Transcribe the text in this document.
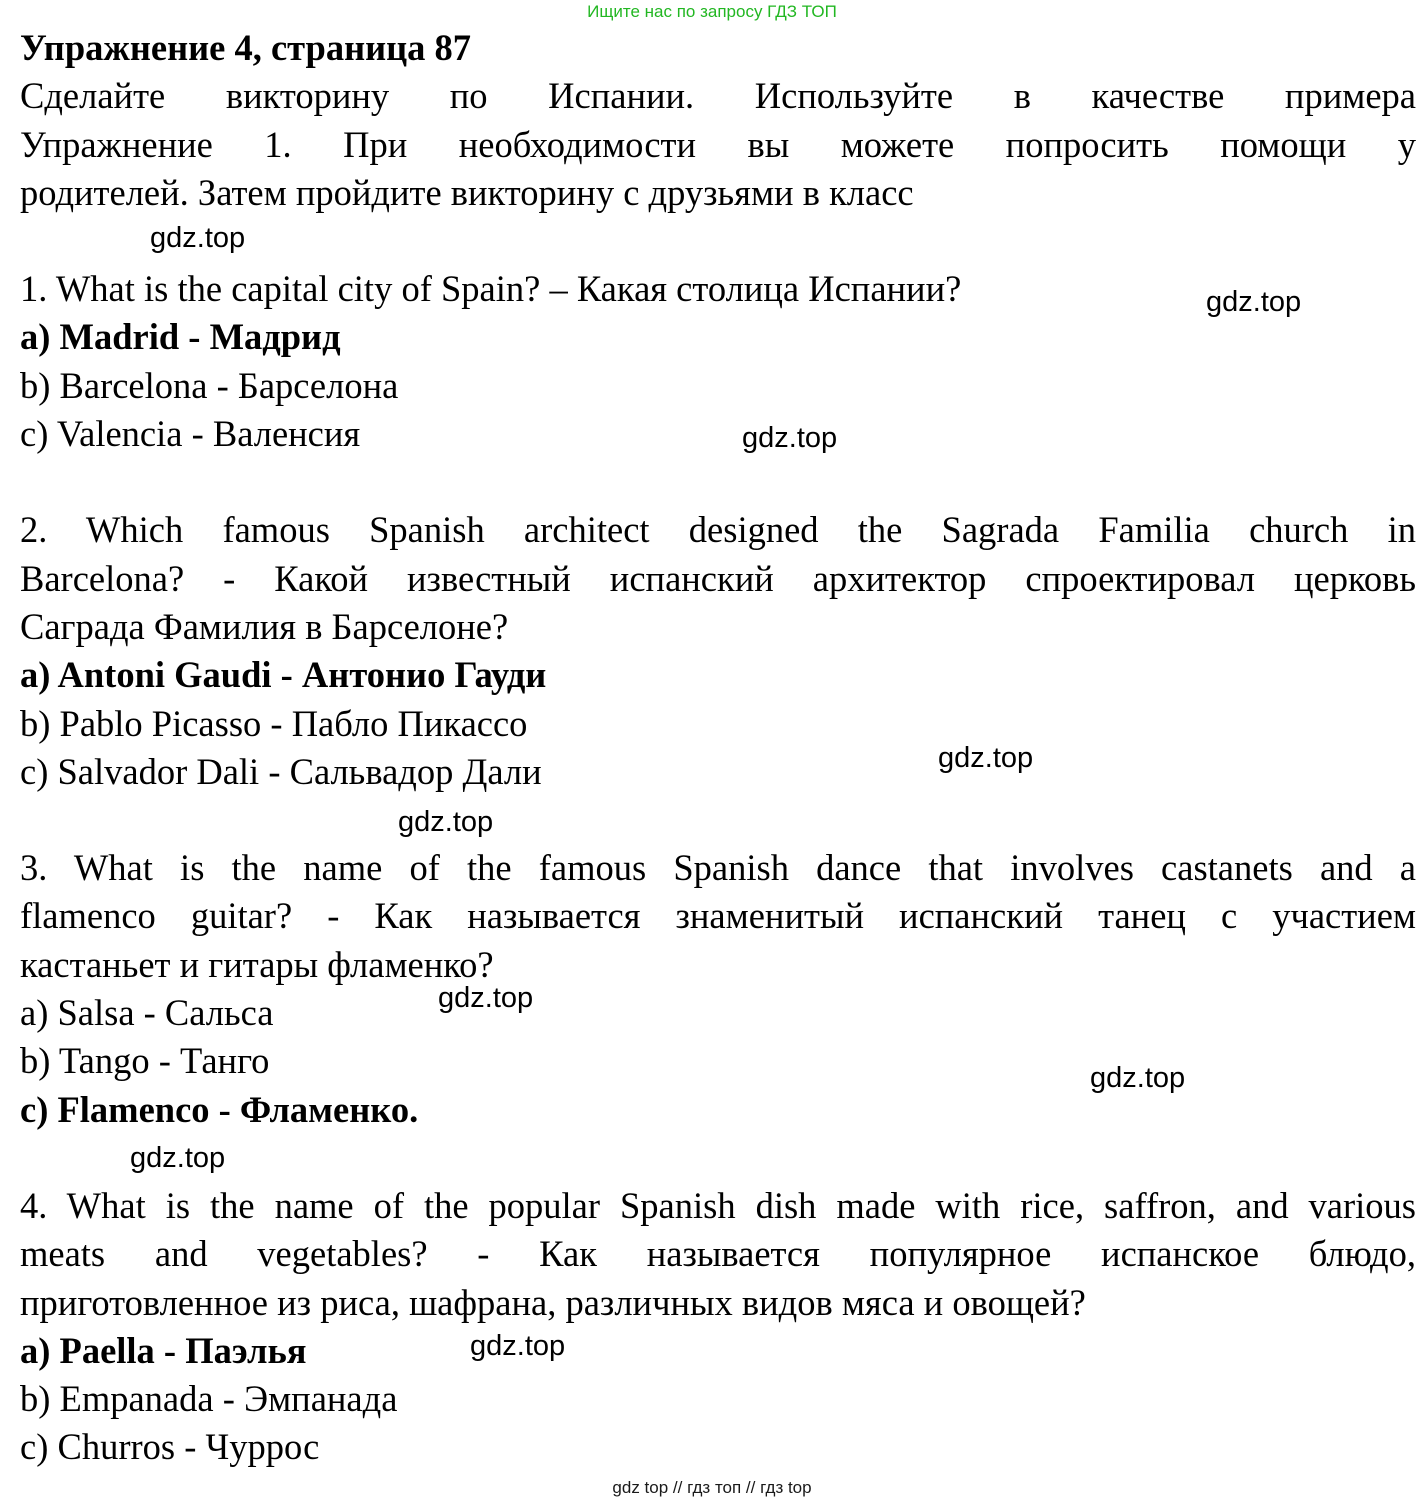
Ищите нас по запросу ГДЗ ТОП
Упражнение 4, страница 87
Сделайте викторину по Испании. Используйте в качестве примера
Упражнение 1. При необходимости вы можете попросить помощи у
родителей. Затем пройдите викторину с друзьями в класс
1. What is the capital city of Spain? – Какая столица Испании?
a) Madrid - Мадрид
b) Barcelona - Барселона
c) Valencia - Валенсия
2. Which famous Spanish architect designed the Sagrada Familia church in
Barcelona? - Какой известный испанский архитектор спроектировал церковь
Саграда Фамилия в Барселоне?
a) Antoni Gaudi - Антонио Гауди
b) Pablo Picasso - Пабло Пикассо
c) Salvador Dali - Сальвадор Дали
3. What is the name of the famous Spanish dance that involves castanets and a
flamenco guitar? - Как называется знаменитый испанский танец с участием
кастаньет и гитары фламенко?
a) Salsa - Сальса
b) Tango - Танго
c) Flamenco - Фламенко.
4. What is the name of the popular Spanish dish made with rice, saffron, and various
meats and vegetables? - Как называется популярное испанское блюдо,
приготовленное из риса, шафрана, различных видов мяса и овощей?
a) Paella - Паэлья
b) Empanada - Эмпанада
c) Churros - Чуррос
gdz.top
gdz.top
gdz.top
gdz.top
gdz.top
gdz.top
gdz.top
gdz.top
gdz.top
gdz top // гдз топ // гдз top
